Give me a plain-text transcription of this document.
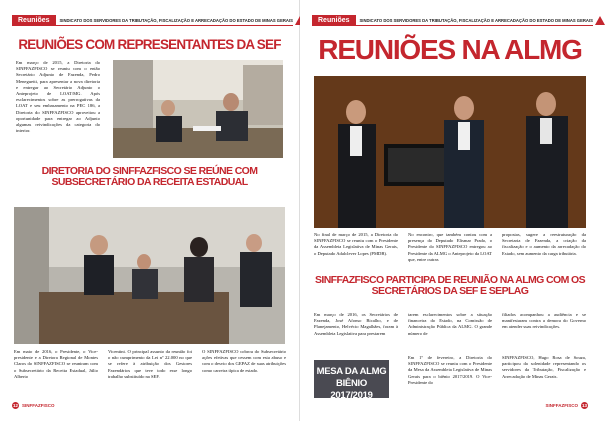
Reuniões	SINDICATO DOS SERVIDORES DA TRIBUTAÇÃO, FISCALIZAÇÃO E ARRECADAÇÃO DO ESTADO DE MINAS GERAIS
REUNIÕES COM REPRESENTANTES DA SEF
Em março de 2015, a Diretoria do SINFFAZFISCO se reuniu com o então Secretário Adjunto de Fazenda, Pedro Meneguetti, para apresentar a nova diretoria e entregar ao Secretário Adjunto o Anteprojeto de LOAT/MG. Após esclarecimentos sobre as prerrogativas da LOAT e seu embasamento na PEC 186, a Diretoria do SINFFAZFISCO aproveitou a oportunidade para entregar ao Adjunto algumas reivindicações da categoria do interior.
DIRETORIA DO SINFFAZFISCO SE REÚNE COM SUBSECRETÁRIO DA RECEITA ESTADUAL
Em maio de 2016, o Presidente, o Vice-presidente e a Diretora Regional de Montes Claros do SINFFAZFISCO se reuniram com o Subsecretário da Receita Estadual, Júlio Alberto
Vicentini. O principal assunto da reunião foi o não cumprimento da Lei nº 22.000 no que se refere à atribuição dos Gestores Fazendários que teve todo esse longo trabalho substituído na SEF.
O SINFFAZFISCO cobrou do Subsecretário ações efetivas que cessem com esta abuso e com o desvio dos GEPAZ de suas atribuições como carreira típica de estado.
12 SINFFAZFISCO
Reuniões	SINDICATO DOS SERVIDORES DA TRIBUTAÇÃO, FISCALIZAÇÃO E ARRECADAÇÃO DO ESTADO DE MINAS GERAIS
REUNIÕES NA ALMG
No final de março de 2015, a Diretoria do SINFFAZFISCO se reuniu com o Presidente da Assembleia Legislativa de Minas Gerais, o Deputado Adalclever Lopes (PMDB).
No encontro, que também contou com a presença do Deputado Elismar Prado, o Presidente do SINFFAZFISCO entregou ao Presidente da ALMG o Anteprojeto da LOAT que, entre outras
propostas, sugere a reestruturação da Secretaria de Fazenda, a criação da fiscalização e o aumento da arrecadação do Estado, sem aumento da carga tributária.
SINFFAZFISCO PARTICIPA DE REUNIÃO NA ALMG COM OS SECRETÁRIOS DA SEF E SEPLAG
Em março de 2016, os Secretários de Fazenda, José Afonso Bicalho, e de Planejamento, Helvécio Magalhães, foram à Assembleia Legislativa para prestarem
tarem esclarecimentos sobre a situação financeira do Estado, na Comissão de Administração Pública da ALMG. O grande número de
filiados acompanhou a audiência e se manifestaram contra a demora do Governo em atender suas reivindicações.
MESA DA ALMG BIÊNIO 2017/2019
Em 1º de fevereiro, a Diretoria do SINFFAZFISCO se reuniu com o Presidente da Mesa da Assembleia Legislativa de Minas Gerais para o biênio 2017/2019. O Vice-Presidente do
SINFFAZFISCO, Hugo Rosa de Souza, participou da solenidade representando os servidores da Tributação, Fiscalização e Arrecadação de Minas Gerais.
SINFFAZFISCO 13
